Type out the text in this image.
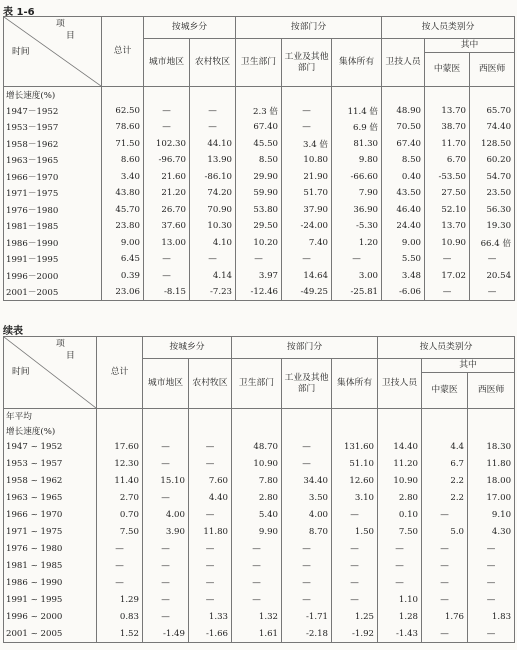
表 1-6
项
目
时间	总计	按城乡分		按部门分			按人员类别分		
		城市地区	农村牧区	卫生部门	工业及其他部门	集体所有	卫技人员	其中	
								中蒙医	西医师
增长速度(%)									
1947－1952	62.50	—	—	2.3 倍	—	11.4 倍	48.90	13.70	65.70
1953－1957	78.60	—	—	67.40	—	6.9 倍	70.50	38.70	74.40
1958－1962	71.50	102.30	44.10	45.50	3.4 倍	81.30	67.40	11.70	128.50
1963－1965	8.60	-96.70	13.90	8.50	10.80	9.80	8.50	6.70	60.20
1966－1970	3.40	21.60	-86.10	29.90	21.90	-66.60	0.40	-53.50	54.70
1971－1975	43.80	21.20	74.20	59.90	51.70	7.90	43.50	27.50	23.50
1976－1980	45.70	26.70	70.90	53.80	37.90	36.90	46.40	52.10	56.30
1981－1985	23.80	37.60	10.30	29.50	-24.00	-5.30	24.40	13.70	19.30
1986－1990	9.00	13.00	4.10	10.20	7.40	1.20	9.00	10.90	66.4 倍
1991－1995	6.45	—	—	—	—	—	5.50	—	—
1996－2000	0.39	—	4.14	3.97	14.64	3.00	3.48	17.02	20.54
2001－2005	23.06	-8.15	-7.23	-12.46	-49.25	-25.81	-6.06	—	—
续表
项
目
时间	总计	按城乡分		按部门分			按人员类别分		
		城市地区	农村牧区	卫生部门	工业及其他部门	集体所有	卫技人员	其中	
								中蒙医	西医师
年平均									
增长速度(%)									
1947 ~ 1952	17.60	—	—	48.70	—	131.60	14.40	4.4	18.30
1953 ~ 1957	12.30	—	—	10.90	—	51.10	11.20	6.7	11.80
1958 ~ 1962	11.40	15.10	7.60	7.80	34.40	12.60	10.90	2.2	18.00
1963 ~ 1965	2.70	—	4.40	2.80	3.50	3.10	2.80	2.2	17.00
1966 ~ 1970	0.70	4.00	—	5.40	4.00	—	0.10	—	9.10
1971 ~ 1975	7.50	3.90	11.80	9.90	8.70	1.50	7.50	5.0	4.30
1976 ~ 1980	—	—	—	—	—	—	—	—	—
1981 ~ 1985	—	—	—	—	—	—	—	—	—
1986 ~ 1990	—	—	—	—	—	—	—	—	—
1991 ~ 1995	1.29	—	—	—	—	—	1.10	—	—
1996 ~ 2000	0.83	—	1.33	1.32	-1.71	1.25	1.28	1.76	1.83
2001 ~ 2005	1.52	-1.49	-1.66	1.61	-2.18	-1.92	-1.43	—	—
